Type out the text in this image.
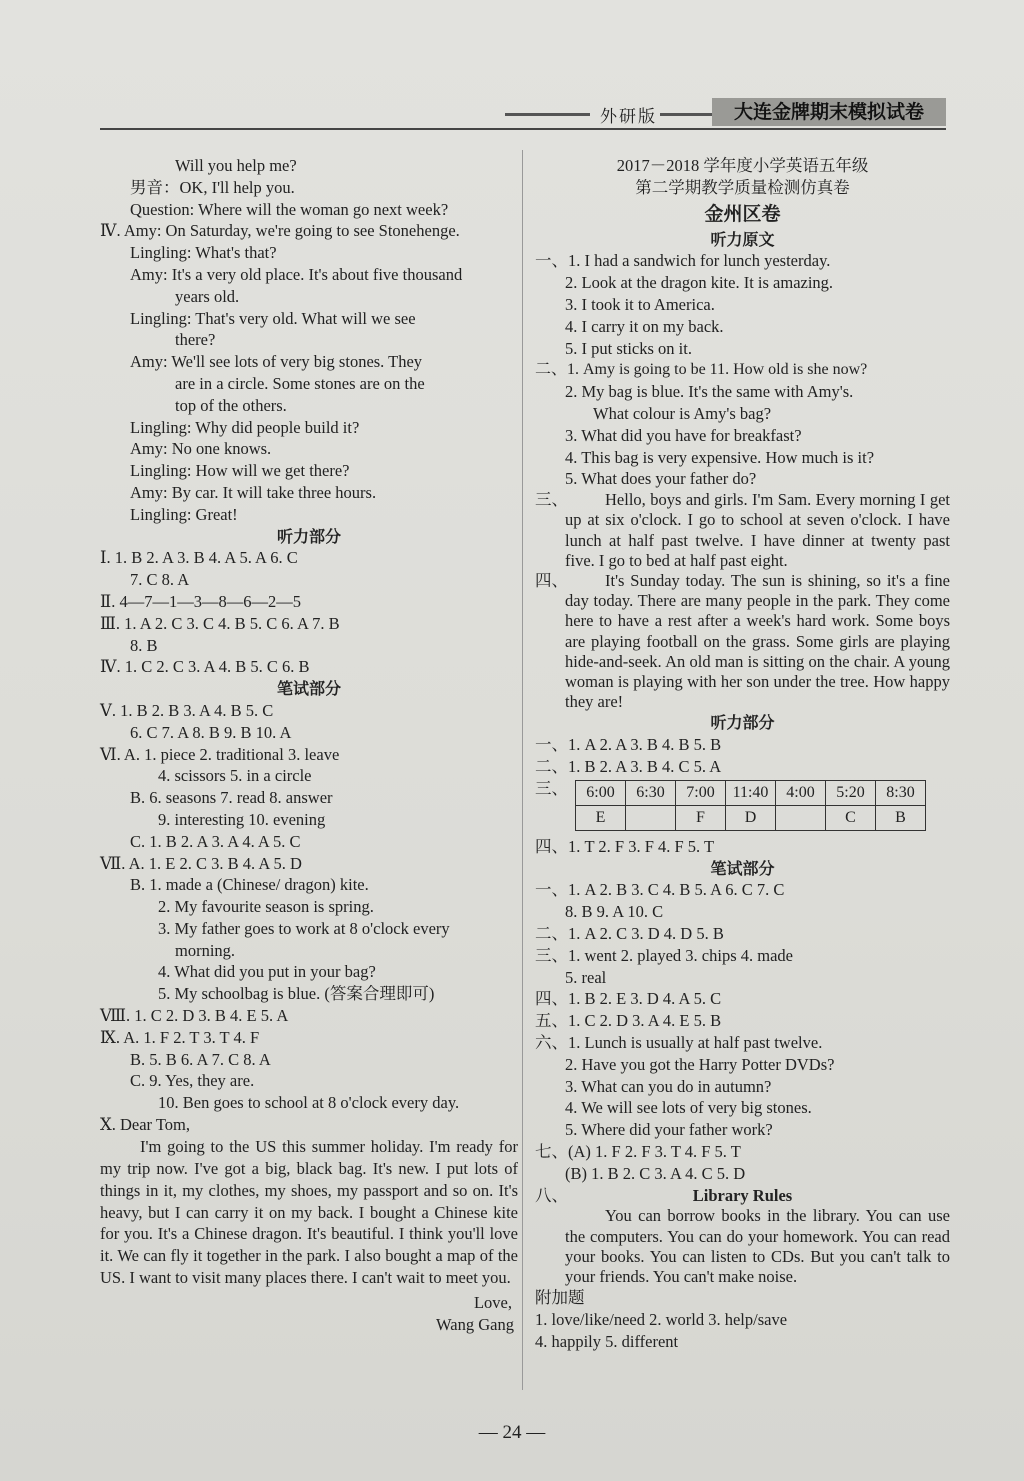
外研版	大连金牌期末模拟试卷
Will you help me?
男音：OK, I'll help you.
Question: Where will the woman go next week?
Ⅳ. Amy: On Saturday, we're going to see Stonehenge.
Lingling: What's that?
Amy: It's a very old place. It's about five thousand
years old.
Lingling: That's very old. What will we see
there?
Amy: We'll see lots of very big stones. They
are in a circle. Some stones are on the
top of the others.
Lingling: Why did people build it?
Amy: No one knows.
Lingling: How will we get there?
Amy: By car. It will take three hours.
Lingling: Great!
听力部分
Ⅰ. 1. B 2. A 3. B 4. A 5. A 6. C
7. C 8. A
Ⅱ. 4—7—1—3—8—6—2—5
Ⅲ. 1. A 2. C 3. C 4. B 5. C 6. A 7. B
8. B
Ⅳ. 1. C 2. C 3. A 4. B 5. C 6. B
笔试部分
Ⅴ. 1. B 2. B 3. A 4. B 5. C
6. C 7. A 8. B 9. B 10. A
Ⅵ. A. 1. piece 2. traditional 3. leave
4. scissors 5. in a circle
B. 6. seasons 7. read 8. answer
9. interesting 10. evening
C. 1. B 2. A 3. A 4. A 5. C
Ⅶ. A. 1. E 2. C 3. B 4. A 5. D
B. 1. made a (Chinese/ dragon) kite.
2. My favourite season is spring.
3. My father goes to work at 8 o'clock every
morning.
4. What did you put in your bag?
5. My schoolbag is blue. (答案合理即可)
Ⅷ. 1. C 2. D 3. B 4. E 5. A
Ⅸ. A. 1. F 2. T 3. T 4. F
B. 5. B 6. A 7. C 8. A
C. 9. Yes, they are.
10. Ben goes to school at 8 o'clock every day.
Ⅹ. Dear Tom,
I'm going to the US this summer holiday. I'm ready for my trip now. I've got a big, black bag. It's new. I put lots of things in it, my clothes, my shoes, my passport and so on. It's heavy, but I can carry it on my back. I bought a Chinese kite for you. It's a Chinese dragon. It's beautiful. I think you'll love it. We can fly it together in the park. I also bought a map of the US. I want to visit many places there. I can't wait to meet you.
Love,
Wang Gang
2017－2018 学年度小学英语五年级
第二学期教学质量检测仿真卷
金州区卷
听力原文
一、1. I had a sandwich for lunch yesterday.
2. Look at the dragon kite. It is amazing.
3. I took it to America.
4. I carry it on my back.
5. I put sticks on it.
二、1. Amy is going to be 11. How old is she now?
2. My bag is blue. It's the same with Amy's.
What colour is Amy's bag?
3. What did you have for breakfast?
4. This bag is very expensive. How much is it?
5. What does your father do?
三、 Hello, boys and girls. I'm Sam. Every morning I get up at six o'clock. I go to school at seven o'clock. I have lunch at half past twelve. I have dinner at twenty past five. I go to bed at half past eight.
四、 It's Sunday today. The sun is shining, so it's a fine day today. There are many people in the park. They come here to have a rest after a week's hard work. Some boys are playing football on the grass. Some girls are playing hide-and-seek. An old man is sitting on the chair. A young woman is playing with her son under the tree. How happy they are!
听力部分
一、1. A 2. A 3. B 4. B 5. B
二、1. B 2. A 3. B 4. C 5. A
三、 6:00	6:30	7:00	11:40	4:00	5:20	8:30
E		F	D		C	B
四、1. T 2. F 3. F 4. F 5. T
笔试部分
一、1. A 2. B 3. C 4. B 5. A 6. C 7. C
8. B 9. A 10. C
二、1. A 2. C 3. D 4. D 5. B
三、1. went 2. played 3. chips 4. made
5. real
四、1. B 2. E 3. D 4. A 5. C
五、1. C 2. D 3. A 4. E 5. B
六、1. Lunch is usually at half past twelve.
2. Have you got the Harry Potter DVDs?
3. What can you do in autumn?
4. We will see lots of very big stones.
5. Where did your father work?
七、(A) 1. F 2. F 3. T 4. F 5. T
(B) 1. B 2. C 3. A 4. C 5. D
八、	Library Rules
You can borrow books in the library. You can use the computers. You can do your homework. You can read your books. You can listen to CDs. But you can't talk to your friends. You can't make noise.
附加题
1. love/like/need 2. world 3. help/save
4. happily 5. different
— 24 —
